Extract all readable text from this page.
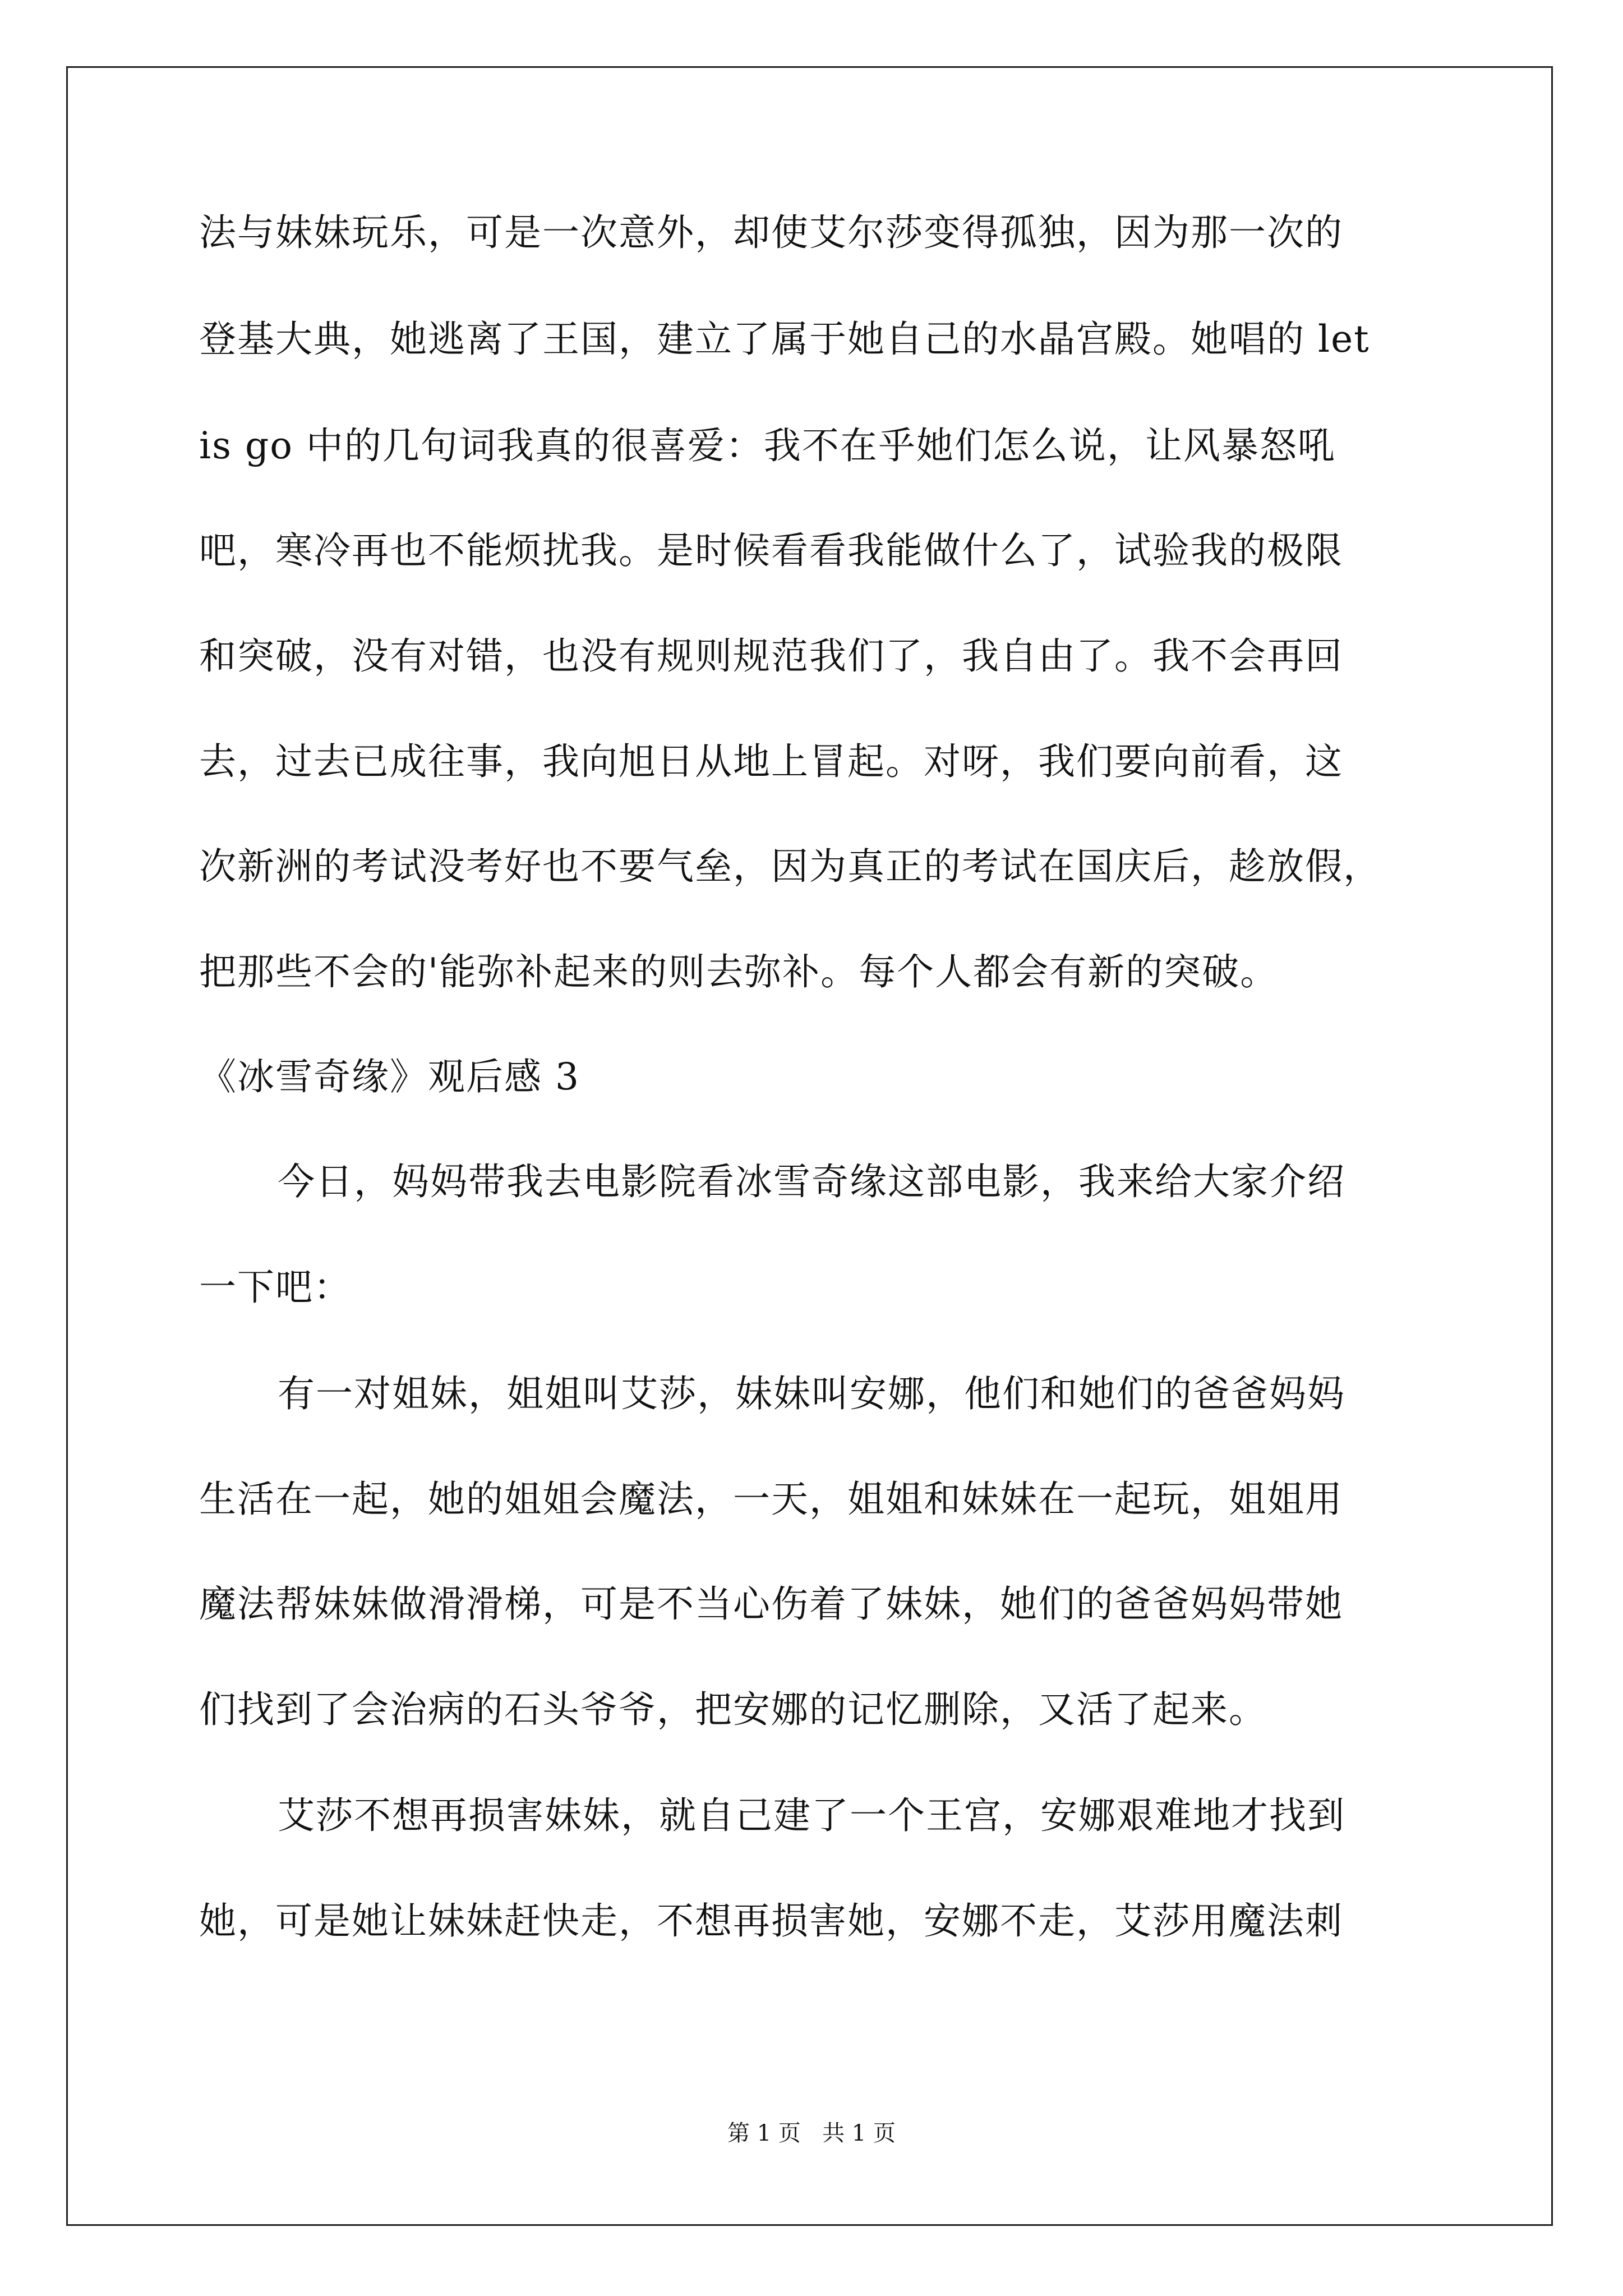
法与妹妹玩乐，可是一次意外，却使艾尔莎变得孤独，因为那一次的
登基大典，她逃离了王国，建立了属于她自己的水晶宫殿。她唱的 let
is go 中的几句词我真的很喜爱：我不在乎她们怎么说，让风暴怒吼
吧，寒冷再也不能烦扰我。是时候看看我能做什么了，试验我的极限
和突破，没有对错，也没有规则规范我们了，我自由了。我不会再回
去，过去已成往事，我向旭日从地上冒起。对呀，我们要向前看，这
次新洲的考试没考好也不要气垒，因为真正的考试在国庆后，趁放假，
把那些不会的'能弥补起来的则去弥补。每个人都会有新的突破。
《冰雪奇缘》观后感 3
今日，妈妈带我去电影院看冰雪奇缘这部电影，我来给大家介绍
一下吧：
有一对姐妹，姐姐叫艾莎，妹妹叫安娜，他们和她们的爸爸妈妈
生活在一起，她的姐姐会魔法，一天，姐姐和妹妹在一起玩，姐姐用
魔法帮妹妹做滑滑梯，可是不当心伤着了妹妹，她们的爸爸妈妈带她
们找到了会治病的石头爷爷，把安娜的记忆删除，又活了起来。
艾莎不想再损害妹妹，就自己建了一个王宫，安娜艰难地才找到
她，可是她让妹妹赶快走，不想再损害她，安娜不走，艾莎用魔法刺
第 1 页   共 1 页
